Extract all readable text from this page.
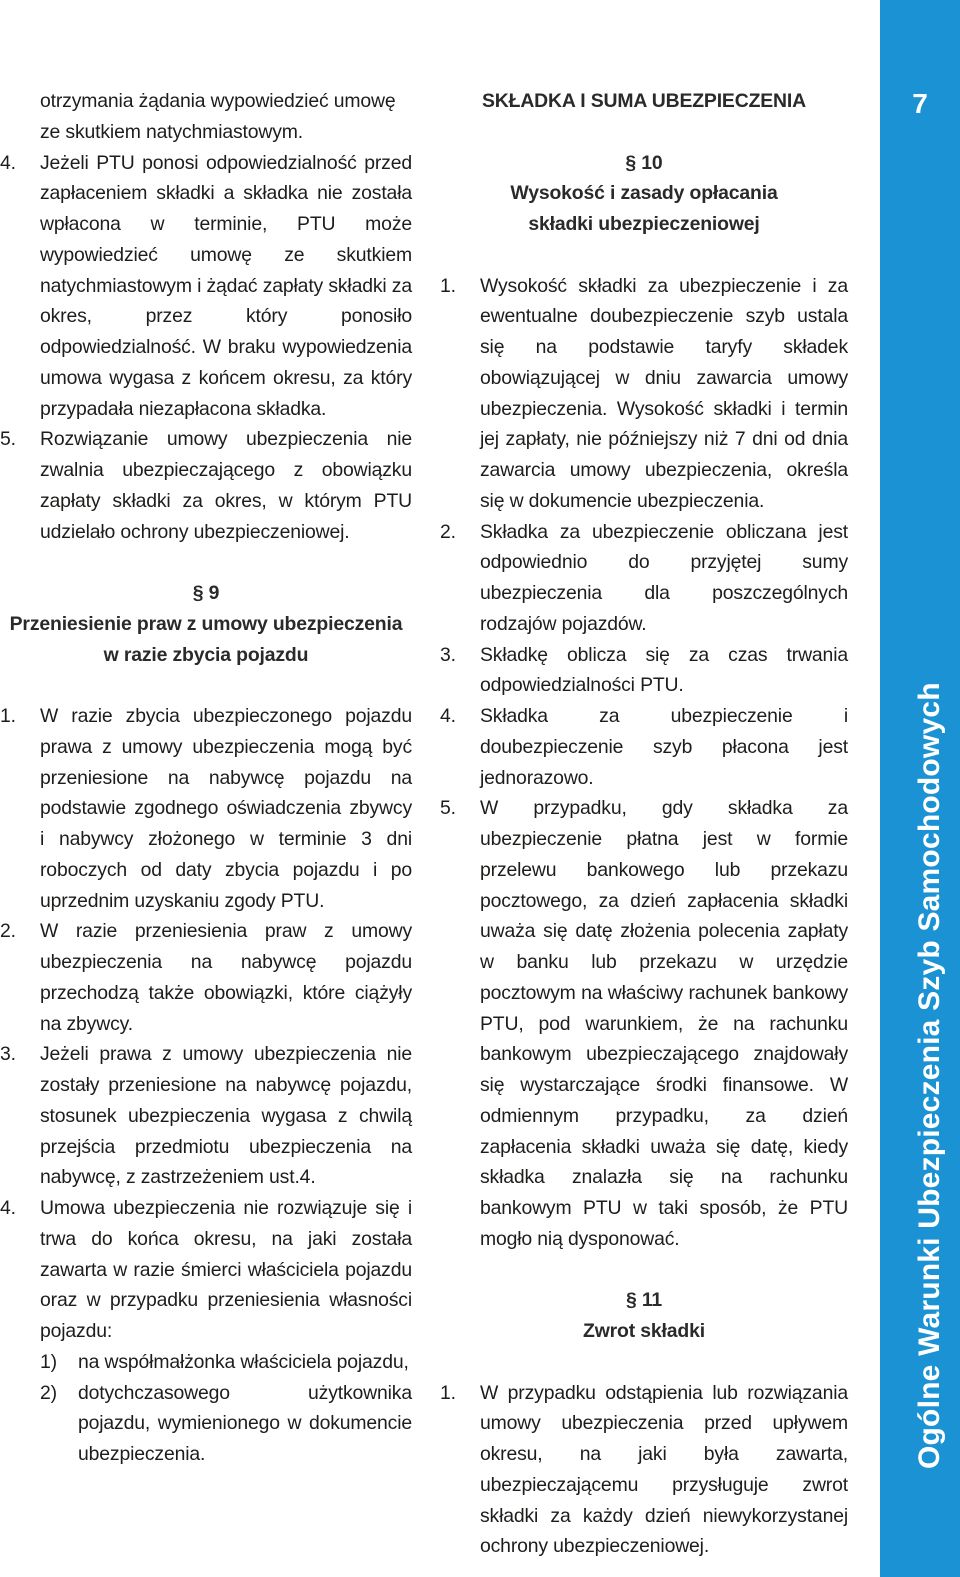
otrzymania żądania wypowiedzieć umowę
ze skutkiem natychmiastowym.

4.	Jeżeli PTU ponosi odpowiedzialność przed zapłaceniem składki a składka nie została wpłacona w terminie, PTU może wypowiedzieć umowę ze skutkiem natychmiastowym i żądać zapłaty składki za okres, przez który ponosiło odpowiedzialność. W braku wypowiedzenia umowa wygasa z końcem okresu, za który przypadała niezapłacona składka.
5.	Rozwiązanie umowy ubezpieczenia nie zwalnia ubezpieczającego z obowiązku zapłaty składki za okres, w którym PTU udzielało ochrony ubezpieczeniowej.
§ 9
Przeniesienie praw z umowy ubezpieczenia
w razie zbycia pojazdu
1.	W razie zbycia ubezpieczonego pojazdu prawa z umowy ubezpieczenia mogą być przeniesione na nabywcę pojazdu na podstawie zgodnego oświadczenia zbywcy i nabywcy złożonego w terminie 3 dni roboczych od daty zbycia pojazdu i po uprzednim uzyskaniu zgody PTU.
2.	W razie przeniesienia praw z umowy ubezpieczenia na nabywcę pojazdu przechodzą także obowiązki, które ciążyły na zbywcy.
3.	Jeżeli prawa z umowy ubezpieczenia nie zostały przeniesione na nabywcę pojazdu, stosunek ubezpieczenia wygasa z chwilą przejścia przedmiotu ubezpieczenia na nabywcę, z zastrzeżeniem ust.4.
4.	Umowa ubezpieczenia nie rozwiązuje się i trwa do końca okresu, na jaki została zawarta w razie śmierci właściciela pojazdu oraz w przypadku przeniesienia własności pojazdu:
1)	na współmałżonka właściciela pojazdu,
2)	dotychczasowego użytkownika pojazdu, wymienionego w dokumencie ubezpieczenia.
SKŁADKA I SUMA UBEZPIECZENIA
§ 10
Wysokość i zasady opłacania
składki ubezpieczeniowej
1.	Wysokość składki za ubezpieczenie i za ewentualne doubezpieczenie szyb ustala się na podstawie taryfy składek obowiązującej w dniu zawarcia umowy ubezpieczenia. Wysokość składki i termin jej zapłaty, nie późniejszy niż 7 dni od dnia zawarcia umowy ubezpieczenia, określa się w dokumencie ubezpieczenia.
2.	Składka za ubezpieczenie obliczana jest odpowiednio do przyjętej sumy ubezpieczenia dla poszczególnych rodzajów pojazdów.
3.	Składkę oblicza się za czas trwania odpowiedzialności PTU.
4.	Składka za ubezpieczenie i doubezpieczenie szyb płacona jest jednorazowo.
5.	W przypadku, gdy składka za ubezpieczenie płatna jest w formie przelewu bankowego lub przekazu pocztowego, za dzień zapłacenia składki uważa się datę złożenia polecenia zapłaty w banku lub przekazu w urzędzie pocztowym na właściwy rachunek bankowy PTU, pod warunkiem, że na rachunku bankowym ubezpieczającego znajdowały się wystarczające środki finansowe. W odmiennym przypadku, za dzień zapłacenia składki uważa się datę, kiedy składka znalazła się na rachunku bankowym PTU w taki sposób, że PTU mogło nią dysponować.
§ 11
Zwrot składki
1.	W przypadku odstąpienia lub rozwiązania umowy ubezpieczenia przed upływem okresu, na jaki była zawarta, ubezpieczającemu przysługuje zwrot składki za każdy dzień niewykorzystanej ochrony ubezpieczeniowej.
7
Ogólne Warunki Ubezpieczenia Szyb Samochodowych
